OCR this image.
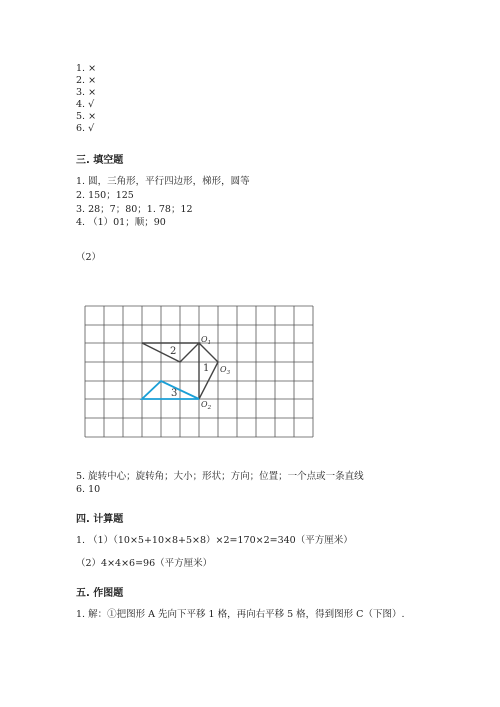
1. ×
2. ×
3. ×
4. √
5. ×
6. √
三. 填空题
1. 圆，三角形，平行四边形，梯形，圆等
2. 150；125
3. 28；7；80；1. 78；12
4. （1）01；顺；90
（2）
2
1
3
$O_1$
$O_3$
$O_2$
5. 旋转中心；旋转角；大小；形状；方向；位置；一个点或一条直线
6. 10
四. 计算题
1. （1）（10×5+10×8+5×8）×2=170×2=340（平方厘米）
（2）4×4×6=96（平方厘米）
五. 作图题
1. 解：①把图形 A 先向下平移 1 格，再向右平移 5 格，得到图形 C（下图）.
